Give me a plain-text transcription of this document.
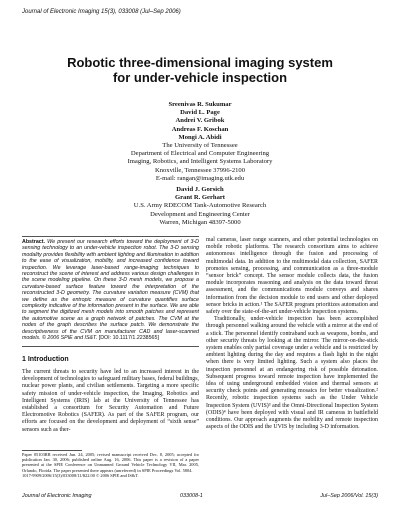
Journal of Electronic Imaging 15(3), 033008 (Jul–Sep 2006)
Robotic three-dimensional imaging system
for under-vehicle inspection
Sreenivas R. Sukumar
David L. Page
Andrei V. Gribok
Andreas F. Koschan
Mongi A. Abidi
The University of Tennessee
Department of Electrical and Computer Engineering
Imaging, Robotics, and Intelligent Systems Laboratory
Knoxville, Tennessee 37996-2100
E-mail: rangan@imaging.utk.edu
David J. Gorsich
Grant R. Gerhart
U.S. Army RDECOM Tank-Automotive Research
Development and Engineering Center
Warren, Michigan 48397-5000
Abstract. We present our research efforts toward the deployment of 3-D sensing technology to an under-vehicle inspection robot. The 3-D sensing modality provides flexibility with ambient lighting and illumination in addition to the ease of visualization, mobility, and increased confidence toward inspection. We leverage laser-based range-imaging techniques to reconstruct the scene of interest and address various design challenges in the scene modeling pipeline. On these 3-D mesh models, we propose a curvature-based surface feature toward the interpretation of the reconstructed 3-D geometry. The curvature variation measure (CVM) that we define as the entropic measure of curvature quantifies surface complexity indicative of the information present in the surface. We are able to segment the digitized mesh models into smooth patches and represent the automotive scene as a graph network of patches. The CVM at the nodes of the graph describes the surface patch. We demonstrate the descriptiveness of the CVM on manufacturer CAD and laser-scanned models. © 2006 SPIE and IS&T. [DOI: 10.1117/1.2238565]
1 Introduction

The current threats to security have led to an increased interest in the development of technologies to safeguard military bases, federal buildings, nuclear power plants, and civilian settlements. Targeting a more specific safety mission of under-vehicle inspection, the Imaging, Robotics and Intelligent Systems (IRIS) lab at the University of Tennessee has established a consortium for Security Automation and Future Electromotive Robotics (SAFER). As part of the SAFER program, our efforts are focused on the development and deployment of “sixth sense” sensors such as ther-

Paper 05103RR received Jun. 24, 2005; revised manuscript received Dec. 8, 2005; accepted for publication Jan. 30, 2006; published online Aug. 16, 2006. This paper is a revision of a paper presented at the SPIE Conference on Unmanned Ground Vehicle Technology VII, Mar. 2005, Orlando, Florida. The paper presented there appears (unrefereed) in SPIE Proceedings Vol. 5804.
1017-9909/2006/15(3)/033008/11/$22.00 © 2006 SPIE and IS&T.

mal cameras, laser range scanners, and other potential technologies on mobile robotic platforms. The research consortium aims to achieve autonomous intelligence through the fusion and processing of multimodal data. In addition to the multimodal data collection, SAFER promotes sensing, processing, and communication as a three-module “sensor brick” concept. The sensor module collects data, the fusion module incorporates reasoning and analysis on the data toward threat assessment, and the communications module conveys and shares information from the decision module to end users and other deployed sensor bricks in action.¹ The SAFER program prioritizes automation and safety over the state-of-the-art under-vehicle inspection systems.

Traditionally, under-vehicle inspection has been accomplished through personnel walking around the vehicle with a mirror at the end of a stick. The personnel identify contraband such as weapons, bombs, and other security threats by looking at the mirror. The mirror-on-the-stick system enables only partial coverage under a vehicle and is restricted by ambient lighting during the day and requires a flash light in the night when there is very limited lighting. Such a system also places the inspection personnel at an endangering risk of possible detonation. Subsequent progress toward remote inspection have implemented the idea of using underground embedded vision and thermal sensors at security check points and generating mosaics for better visualization.² Recently, robotic inspection systems such as the Under Vehicle Inspection System (UVIS)³ and the Omni-Directional Inspection System (ODIS)⁴ have been deployed with visual and IR cameras in battlefield conditions. Our approach augments the mobility and remote inspection aspects of the ODIS and the UVIS by including 3-D information.

Journal of Electronic Imaging	033008-1	Jul–Sep 2006/Vol. 15(3)
